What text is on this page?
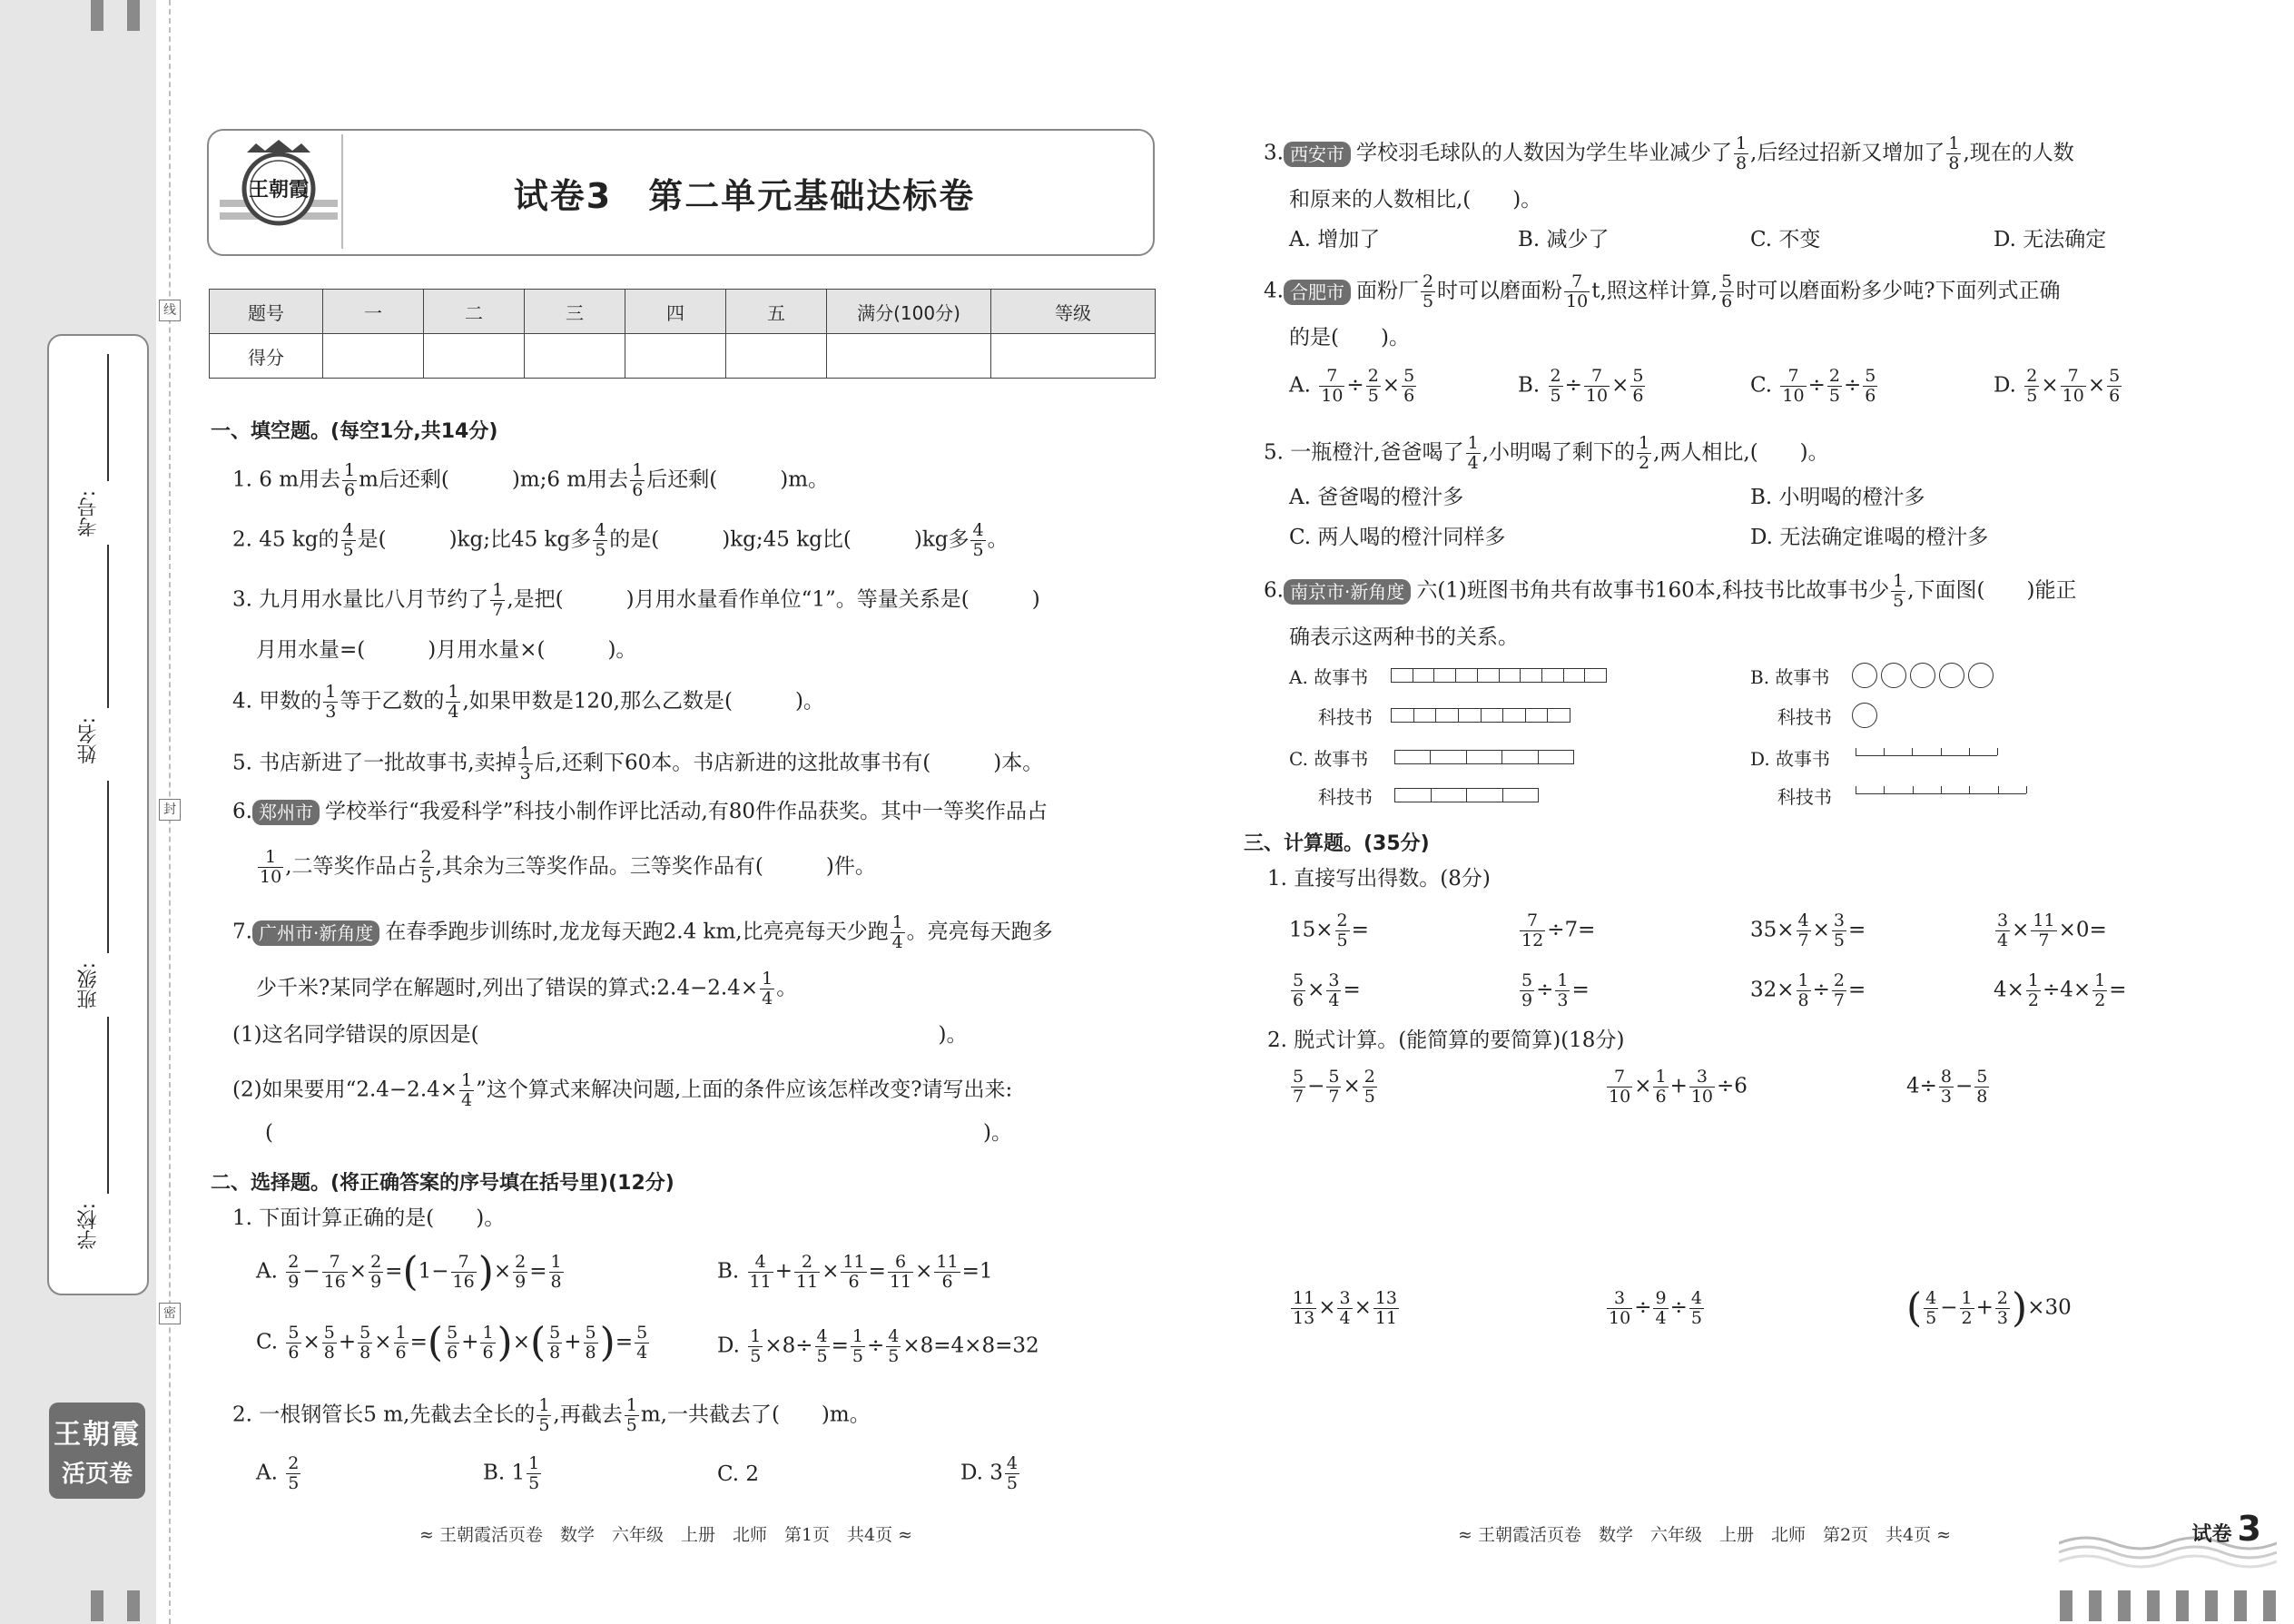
考号:
姓名:
班级:
学校:
线
封
密
王朝霞
活页卷
王朝霞	试卷3　第二单元基础达标卷
题号	一	二	三	四	五	满分(100分)	等级
得分							
一、填空题。(每空1分,共14分)
1. 6 m用去 $\frac{1}{6}$ m后还剩(　　　)m;6 m用去 $\frac{1}{6}$ 后还剩(　　　)m。
2. 45 kg的 $\frac{4}{5}$ 是(　　　)kg;比45 kg多 $\frac{4}{5}$ 的是(　　　)kg;45 kg比(　　　)kg多 $\frac{4}{5}$ 。
3. 九月用水量比八月节约了 $\frac{1}{7}$ ,是把(　　　)月用水量看作单位“1”。等量关系是(　　　)
月用水量=(　　　)月用水量×(　　　)。
4. 甲数的 $\frac{1}{3}$ 等于乙数的 $\frac{1}{4}$ ,如果甲数是120,那么乙数是(　　　)。
5. 书店新进了一批故事书,卖掉 $\frac{1}{3}$ 后,还剩下60本。书店新进的这批故事书有(　　　)本。
6. 郑州市 学校举行“我爱科学”科技小制作评比活动,有80件作品获奖。其中一等奖作品占
$\frac{1}{10}$ ,二等奖作品占 $\frac{2}{5}$ ,其余为三等奖作品。三等奖作品有(　　　)件。
7. 广州市·新角度 在春季跑步训练时,龙龙每天跑2.4 km,比亮亮每天少跑 $\frac{1}{4}$ 。亮亮每天跑多
少千米?某同学在解题时,列出了错误的算式:2.4−2.4× $\frac{1}{4}$ 。
(1)这名同学错误的原因是(　　　　　　　　　　　　　　　　　　　　　　)。
(2)如果要用“$2.4-2.4\times \frac{1}{4}$ ”这个算式来解决问题,上面的条件应该怎样改变?请写出来:
(　　　　　　　　　　　　　　　　　　　　　　　　　　　　　　　　　　)。
二、选择题。(将正确答案的序号填在括号里)(12分)
1. 下面计算正确的是(　　)。
A. $\frac{2}{9} - \frac{7}{16} \times \frac{2}{9} =(1- \frac{7}{16}$ )× $\frac{2}{9} = \frac{1}{8}$	B. $\frac{4}{11} + \frac{2}{11} \times \frac{11}{6} = \frac{6}{11} \times \frac{11}{6} =1$
C. $\frac{5}{6} \times \frac{5}{8} + \frac{5}{8} \times \frac{1}{6}$ =( $\frac{5}{6} + \frac{1}{6}$ )×( $\frac{5}{8} + \frac{5}{8}$ )= $\frac{5}{4}$	D. $\frac{1}{5} \times 8\div \frac{4}{5} = \frac{1}{5} \div \frac{4}{5} \times 8=4\times 8=32$
2. 一根钢管长5 m,先截去全长的 $\frac{1}{5}$ ,再截去 $\frac{1}{5} m$,一共截去了(　　)m。
A. $\frac{2}{5}$	B. $1 \frac{1}{5}$	C. 2	D. $3 \frac{4}{5}$
≈ 王朝霞活页卷　数学　六年级　上册　北师　第1页　共4页 ≈
3. 西安市 学校羽毛球队的人数因为学生毕业减少了 $\frac{1}{8}$ ,后经过招新又增加了 $\frac{1}{8}$ ,现在的人数
和原来的人数相比,(　　)。
A. 增加了	B. 减少了	C. 不变	D. 无法确定
4. 合肥市 面粉厂 $\frac{2}{5}$ 时可以磨面粉 $\frac{7}{10} t$,照这样计算, $\frac{5}{6}$ 时可以磨面粉多少吨?下面列式正确
的是(　　)。
A. $\frac{7}{10} \div \frac{2}{5} \times \frac{5}{6}$	B. $\frac{2}{5} \div \frac{7}{10} \times \frac{5}{6}$	C. $\frac{7}{10} \div \frac{2}{5} \div \frac{5}{6}$	D. $\frac{2}{5} \times \frac{7}{10} \times \frac{5}{6}$
5. 一瓶橙汁,爸爸喝了 $\frac{1}{4}$ ,小明喝了剩下的 $\frac{1}{2}$ ,两人相比,(　　)。
A. 爸爸喝的橙汁多	B. 小明喝的橙汁多
C. 两人喝的橙汁同样多	D. 无法确定谁喝的橙汁多
6. 南京市·新角度 六(1)班图书角共有故事书160本,科技书比故事书少 $\frac{1}{5}$ ,下面图(　　)能正
确表示这两种书的关系。
A. 故事书
科技书
B. 故事书
科技书
C. 故事书
科技书
D. 故事书
科技书
三、计算题。(35分)
1. 直接写出得数。(8分)
$15\times \frac{2}{5}$ =	$\frac{7}{12} \div 7=$	$35\times \frac{4}{7} \times \frac{3}{5}$ =	$\frac{3}{4} \times \frac{11}{7} \times 0=$
$\frac{5}{6} \times \frac{3}{4}$ =	$\frac{5}{9} \div \frac{1}{3}$ =	$32\times \frac{1}{8} \div \frac{2}{7}$ =	$4\times \frac{1}{2} \div 4\times \frac{1}{2}$ =
2. 脱式计算。(能简算的要简算)(18分)
$\frac{5}{7} - \frac{5}{7} \times \frac{2}{5}$	$\frac{7}{10} \times \frac{1}{6} + \frac{3}{10} \div 6$	$4\div \frac{8}{3} - \frac{5}{8}$
$\frac{11}{13} \times \frac{3}{4} \times \frac{13}{11}$	$\frac{3}{10} \div \frac{9}{4} \div \frac{4}{5}$	( $\frac{4}{5} - \frac{1}{2} + \frac{2}{3} )\times 30$
≈ 王朝霞活页卷　数学　六年级　上册　北师　第2页　共4页 ≈	试卷 3
